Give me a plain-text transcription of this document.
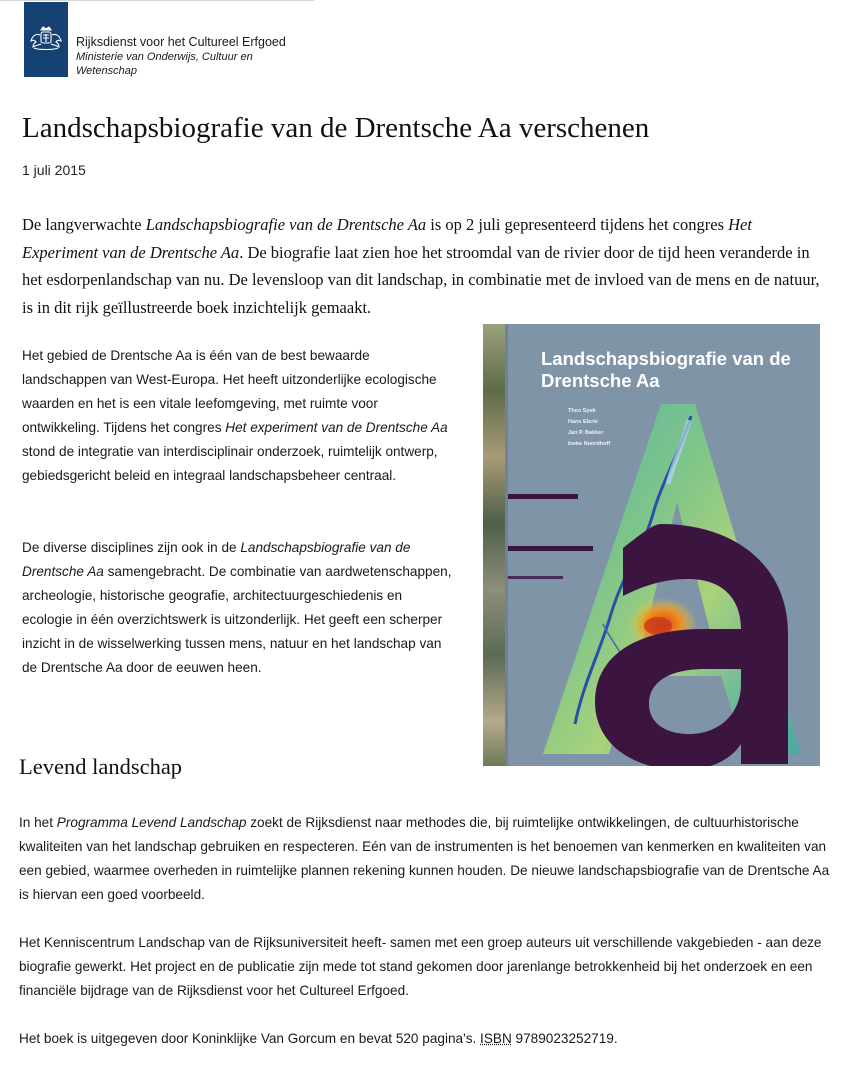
Rijksdienst voor het Cultureel Erfgoed
Ministerie van Onderwijs, Cultuur en Wetenschap
Landschapsbiografie van de Drentsche Aa verschenen
1 juli 2015

De langverwachte Landschapsbiografie van de Drentsche Aa is op 2 juli gepresenteerd tijdens het congres Het Experiment van de Drentsche Aa. De biografie laat zien hoe het stroomdal van de rivier door de tijd heen veranderde in het esdorpenlandschap van nu. De levensloop van dit landschap, in combinatie met de invloed van de mens en de natuur, is in dit rijk geïllustreerde boek inzichtelijk gemaakt.

Het gebied de Drentsche Aa is één van de best bewaarde landschappen van West-Europa. Het heeft uitzonderlijke ecologische waarden en het is een vitale leefomgeving, met ruimte voor ontwikkeling. Tijdens het congres Het experiment van de Drentsche Aa stond de integratie van interdisciplinair onderzoek, ruimtelijk ontwerp, gebiedsgericht beleid en integraal landschapsbeheer centraal.

De diverse disciplines zijn ook in de Landschapsbiografie van de Drentsche Aa samengebracht. De combinatie van aardwetenschappen, archeologie, historische geografie, architectuurgeschiedenis en ecologie in één overzichtswerk is uitzonderlijk. Het geeft een scherper inzicht in de wisselwerking tussen mens, natuur en het landschap van de Drentsche Aa door de eeuwen heen.

Landschapsbiografie van de Drentsche Aa
Theo Spek
Hans Elerie
Jan P. Bakker
Ineke Noordhoff
Levend landschap

In het Programma Levend Landschap zoekt de Rijksdienst naar methodes die, bij ruimtelijke ontwikkelingen, de cultuurhistorische kwaliteiten van het landschap gebruiken en respecteren. Eén van de instrumenten is het benoemen van kenmerken en kwaliteiten van een gebied, waarmee overheden in ruimtelijke plannen rekening kunnen houden. De nieuwe landschapsbiografie van de Drentsche Aa is hiervan een goed voorbeeld.

Het Kenniscentrum Landschap van de Rijksuniversiteit heeft- samen met een groep auteurs uit verschillende vakgebieden - aan deze biografie gewerkt. Het project en de publicatie zijn mede tot stand gekomen door jarenlange betrokkenheid bij het onderzoek en een financiële bijdrage van de Rijksdienst voor het Cultureel Erfgoed.

Het boek is uitgegeven door Koninklijke Van Gorcum en bevat 520 pagina's. ISBN 9789023252719.
